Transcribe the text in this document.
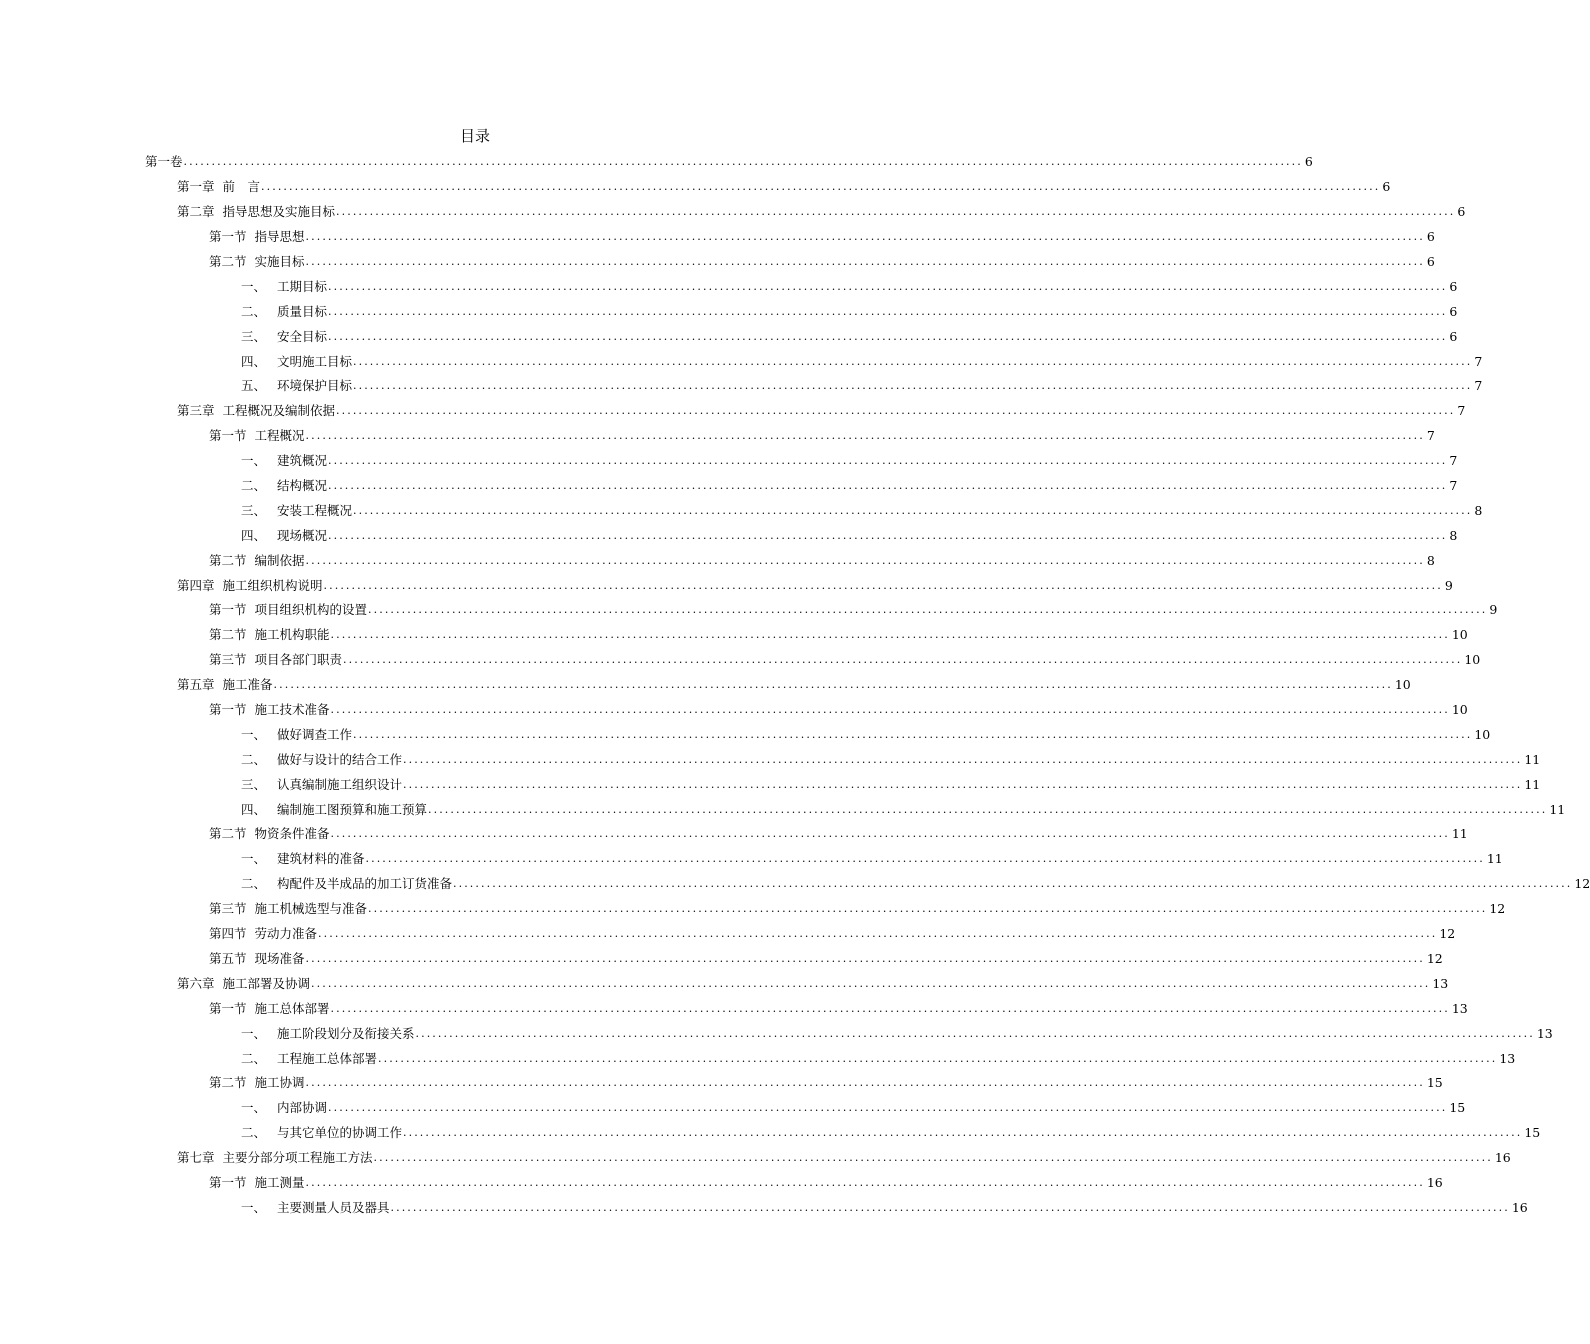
目录
第一卷 ........................................................................................................................................................................................................ 6
第一章 前　言 ........................................................................................................................................................................................................ 6
第二章 指导思想及实施目标 ........................................................................................................................................................................................................ 6
第一节 指导思想 ........................................................................................................................................................................................................ 6
第二节 实施目标 ........................................................................................................................................................................................................ 6
一、 工期目标 ........................................................................................................................................................................................................ 6
二、 质量目标 ........................................................................................................................................................................................................ 6
三、 安全目标 ........................................................................................................................................................................................................ 6
四、 文明施工目标 ........................................................................................................................................................................................................ 7
五、 环境保护目标 ........................................................................................................................................................................................................ 7
第三章 工程概况及编制依据 ........................................................................................................................................................................................................ 7
第一节 工程概况 ........................................................................................................................................................................................................ 7
一、 建筑概况 ........................................................................................................................................................................................................ 7
二、 结构概况 ........................................................................................................................................................................................................ 7
三、 安装工程概况 ........................................................................................................................................................................................................ 8
四、 现场概况 ........................................................................................................................................................................................................ 8
第二节 编制依据 ........................................................................................................................................................................................................ 8
第四章 施工组织机构说明 ........................................................................................................................................................................................................ 9
第一节 项目组织机构的设置 ........................................................................................................................................................................................................ 9
第二节 施工机构职能 ........................................................................................................................................................................................................ 10
第三节 项目各部门职责 ........................................................................................................................................................................................................ 10
第五章 施工准备 ........................................................................................................................................................................................................ 10
第一节 施工技术准备 ........................................................................................................................................................................................................ 10
一、 做好调查工作 ........................................................................................................................................................................................................ 10
二、 做好与设计的结合工作 ........................................................................................................................................................................................................ 11
三、 认真编制施工组织设计 ........................................................................................................................................................................................................ 11
四、 编制施工图预算和施工预算 ........................................................................................................................................................................................................ 11
第二节 物资条件准备 ........................................................................................................................................................................................................ 11
一、 建筑材料的准备 ........................................................................................................................................................................................................ 11
二、 构配件及半成品的加工订货准备 ........................................................................................................................................................................................................ 12
第三节 施工机械选型与准备 ........................................................................................................................................................................................................ 12
第四节 劳动力准备 ........................................................................................................................................................................................................ 12
第五节 现场准备 ........................................................................................................................................................................................................ 12
第六章 施工部署及协调 ........................................................................................................................................................................................................ 13
第一节 施工总体部署 ........................................................................................................................................................................................................ 13
一、 施工阶段划分及衔接关系 ........................................................................................................................................................................................................ 13
二、 工程施工总体部署 ........................................................................................................................................................................................................ 13
第二节 施工协调 ........................................................................................................................................................................................................ 15
一、 内部协调 ........................................................................................................................................................................................................ 15
二、 与其它单位的协调工作 ........................................................................................................................................................................................................ 15
第七章 主要分部分项工程施工方法 ........................................................................................................................................................................................................ 16
第一节 施工测量 ........................................................................................................................................................................................................ 16
一、 主要测量人员及器具 ........................................................................................................................................................................................................ 16
